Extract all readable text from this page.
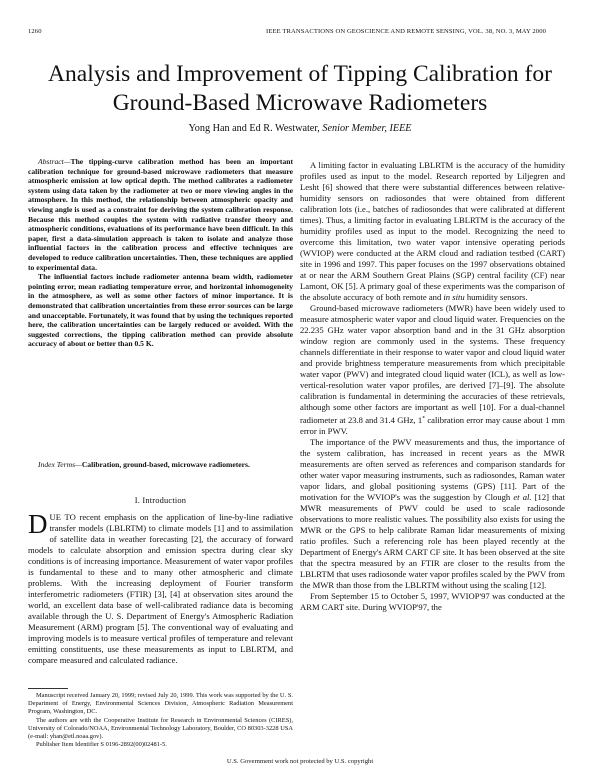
1260	IEEE TRANSACTIONS ON GEOSCIENCE AND REMOTE SENSING, VOL. 38, NO. 3, MAY 2000
Analysis and Improvement of Tipping Calibration for Ground-Based Microwave Radiometers
Yong Han and Ed R. Westwater, Senior Member, IEEE

Abstract—The tipping-curve calibration method has been an important calibration technique for ground-based microwave radiometers that measure atmospheric emission at low optical depth. The method calibrates a radiometer system using data taken by the radiometer at two or more viewing angles in the atmosphere. In this method, the relationship between atmospheric opacity and viewing angle is used as a constraint for deriving the system calibration response. Because this method couples the system with radiative transfer theory and atmospheric conditions, evaluations of its performance have been difficult. In this paper, first a data-simulation approach is taken to isolate and analyze those influential factors in the calibration process and effective techniques are developed to reduce calibration uncertainties. Then, these techniques are applied to experimental data.

The influential factors include radiometer antenna beam width, radiometer pointing error, mean radiating temperature error, and horizontal inhomogeneity in the atmosphere, as well as some other factors of minor importance. It is demonstrated that calibration uncertainties from these error sources can be large and unacceptable. Fortunately, it was found that by using the techniques reported here, the calibration uncertainties can be largely reduced or avoided. With the suggested corrections, the tipping calibration method can provide absolute accuracy of about or better than 0.5 K.

Index Terms—Calibration, ground-based, microwave radiometers.

I. Introduction

DUE TO recent emphasis on the application of line-by-line radiative transfer models (LBLRTM) to climate models [1] and to assimilation of satellite data in weather forecasting [2], the accuracy of forward models to calculate absorption and emission spectra during clear sky conditions is of increasing importance. Measurement of water vapor profiles is fundamental to these and to many other atmospheric and climate problems. With the increasing deployment of Fourier transform interferometric radiometers (FTIR) [3], [4] at observation sites around the world, an excellent data base of well-calibrated radiance data is becoming available through the U. S. Department of Energy's Atmospheric Radiation Measurement (ARM) program [5]. The conventional way of evaluating and improving models is to measure vertical profiles of temperature and relevant emitting constituents, use these measurements as input to LBLRTM, and compare measured and calculated radiance.

Manuscript received January 20, 1999; revised July 20, 1999. This work was supported by the U. S. Department of Energy, Environmental Sciences Division, Atmospheric Radiation Measurement Program, Washington, DC.

The authors are with the Cooperative Institute for Research in Environmental Sciences (CIRES), University of Colorado/NOAA, Environmental Technology Laboratory, Boulder, CO 80303-3228 USA (e-mail: yhan@etl.noaa.gov).

Publisher Item Identifier S 0196-2892(00)02481-5.

A limiting factor in evaluating LBLRTM is the accuracy of the humidity profiles used as input to the model. Research reported by Liljegren and Lesht [6] showed that there were substantial differences between relative-humidity sensors on radiosondes that were obtained from different calibration lots (i.e., batches of radiosondes that were calibrated at different times). Thus, a limiting factor in evaluating LBLRTM is the accuracy of the humidity profiles used as input to the model. Recognizing the need to overcome this limitation, two water vapor intensive operating periods (WVIOP) were conducted at the ARM cloud and radiation testbed (CART) site in 1996 and 1997. This paper focuses on the 1997 observations obtained at or near the ARM Southern Great Plains (SGP) central facility (CF) near Lamont, OK [5]. A primary goal of these experiments was the comparison of the absolute accuracy of both remote and in situ humidity sensors.

Ground-based microwave radiometers (MWR) have been widely used to measure atmospheric water vapor and cloud liquid water. Frequencies on the 22.235 GHz water vapor absorption band and in the 31 GHz absorption window region are commonly used in the systems. These frequency channels differentiate in their response to water vapor and cloud liquid water and provide brightness temperature measurements from which precipitable water vapor (PWV) and integrated cloud liquid water (ICL), as well as low-vertical-resolution water vapor profiles, are derived [7]–[9]. The absolute calibration is fundamental in determining the accuracies of these retrievals, although some other factors are important as well [10]. For a dual-channel radiometer at 23.8 and 31.4 GHz, 1∘ calibration error may cause about 1 mm error in PWV.

The importance of the PWV measurements and thus, the importance of the system calibration, has increased in recent years as the MWR measurements are often served as references and comparison standards for other water vapor measuring instruments, such as radiosondes, Raman water vapor lidars, and global positioning systems (GPS) [11]. Part of the motivation for the WVIOP's was the suggestion by Clough et al. [12] that MWR measurements of PWV could be used to scale radiosonde observations to more realistic values. The possibility also exists for using the MWR or the GPS to help calibrate Raman lidar measurements of mixing ratio profiles. Such a referencing role has been played recently at the Department of Energy's ARM CART CF site. It has been observed at the site that the spectra measured by an FTIR are closer to the results from the LBLRTM that uses radiosonde water vapor profiles scaled by the PWV from the MWR than those from the LBLRTM without using the scaling [12].

From September 15 to October 5, 1997, WVIOP'97 was conducted at the ARM CART site. During WVIOP'97, the

U.S. Government work not protected by U.S. copyright
